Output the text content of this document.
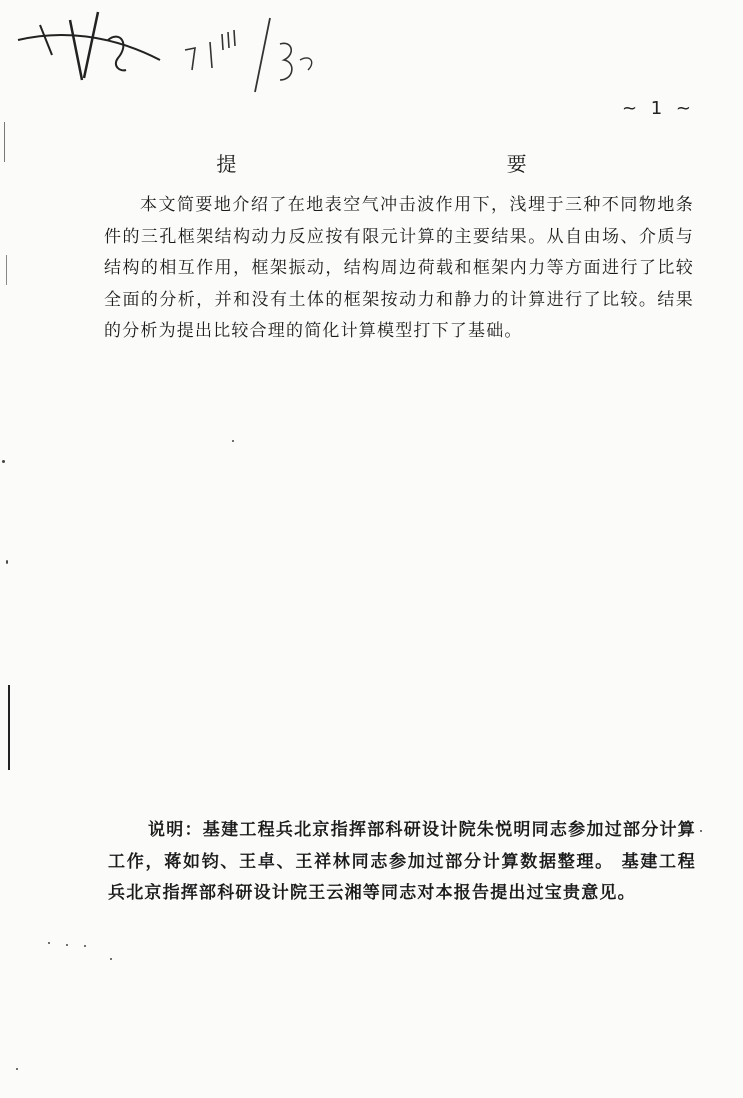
~ 1 ~
提 要

本文简要地介绍了在地表空气冲击波作用下，浅埋于三种不同物地条件的三孔框架结构动力反应按有限元计算的主要结果。从自由场、介质与结构的相互作用，框架振动，结构周边荷载和框架内力等方面进行了比较全面的分析，并和没有土体的框架按动力和静力的计算进行了比较。结果的分析为提出比较合理的简化计算模型打下了基础。

说明：基建工程兵北京指挥部科研设计院朱悦明同志参加过部分计算工作，蒋如钧、王卓、王祥林同志参加过部分计算数据整理。 基建工程兵北京指挥部科研设计院王云湘等同志对本报告提出过宝贵意见。
